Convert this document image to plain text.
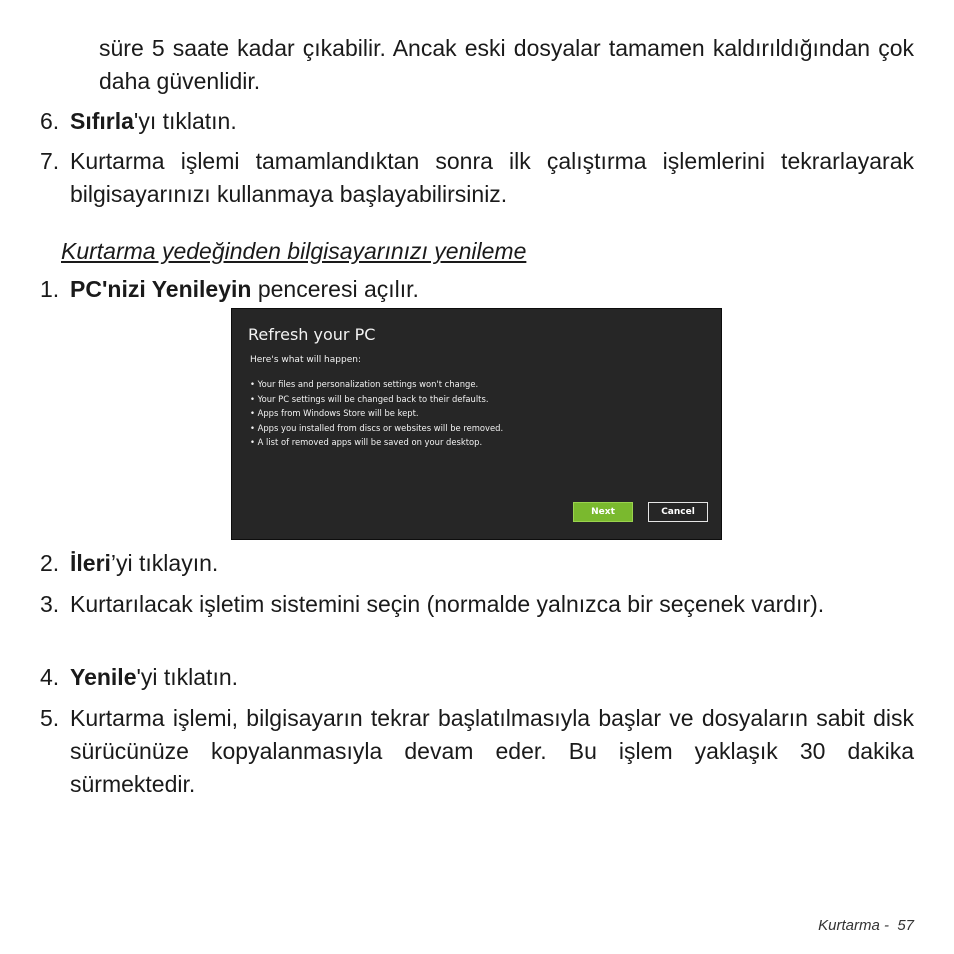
süre 5 saate kadar çıkabilir. Ancak eski dosyalar tamamen kaldırıldığından çok daha güvenlidir.

6. Sıfırla'yı tıklatın.
7. Kurtarma işlemi tamamlandıktan sonra ilk çalıştırma işlemlerini tekrarlayarak bilgisayarınızı kullanmaya başlayabilirsiniz.
Kurtarma yedeğinden bilgisayarınızı yenileme
1. PC'nizi Yenileyin penceresi açılır.
Refresh your PC
Here's what will happen:
• Your files and personalization settings won't change.
• Your PC settings will be changed back to their defaults.
• Apps from Windows Store will be kept.
• Apps you installed from discs or websites will be removed.
• A list of removed apps will be saved on your desktop.
Next	Cancel
2. İleri’yi tıklayın.
3. Kurtarılacak işletim sistemini seçin (normalde yalnızca bir seçenek vardır).
4. Yenile'yi tıklatın.
5. Kurtarma işlemi, bilgisayarın tekrar başlatılmasıyla başlar ve dosyaların sabit disk sürücünüze kopyalanmasıyla devam eder. Bu işlem yaklaşık 30 dakika sürmektedir.
Kurtarma - 57
